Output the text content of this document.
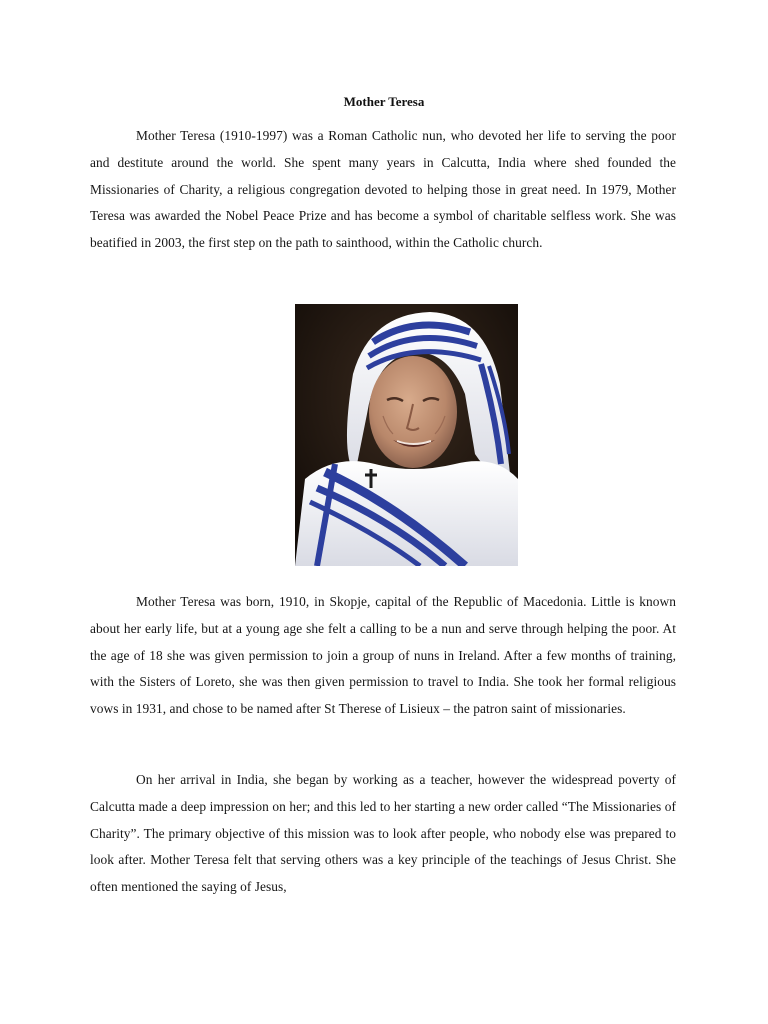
Mother Teresa

Mother Teresa (1910-1997) was a Roman Catholic nun, who devoted her life to serving the poor and destitute around the world. She spent many years in Calcutta, India where shed founded the Missionaries of Charity, a religious congregation devoted to helping those in great need. In 1979, Mother Teresa was awarded the Nobel Peace Prize and has become a symbol of charitable selfless work. She was beatified in 2003, the first step on the path to sainthood, within the Catholic church.

Mother Teresa was born, 1910, in Skopje, capital of the Republic of Macedonia. Little is known about her early life, but at a young age she felt a calling to be a nun and serve through helping the poor. At the age of 18 she was given permission to join a group of nuns in Ireland. After a few months of training, with the Sisters of Loreto, she was then given permission to travel to India. She took her formal religious vows in 1931, and chose to be named after St Therese of Lisieux – the patron saint of missionaries.

On her arrival in India, she began by working as a teacher, however the widespread poverty of Calcutta made a deep impression on her; and this led to her starting a new order called “The Missionaries of Charity”. The primary objective of this mission was to look after people, who nobody else was prepared to look after. Mother Teresa felt that serving others was a key principle of the teachings of Jesus Christ. She often mentioned the saying of Jesus,
